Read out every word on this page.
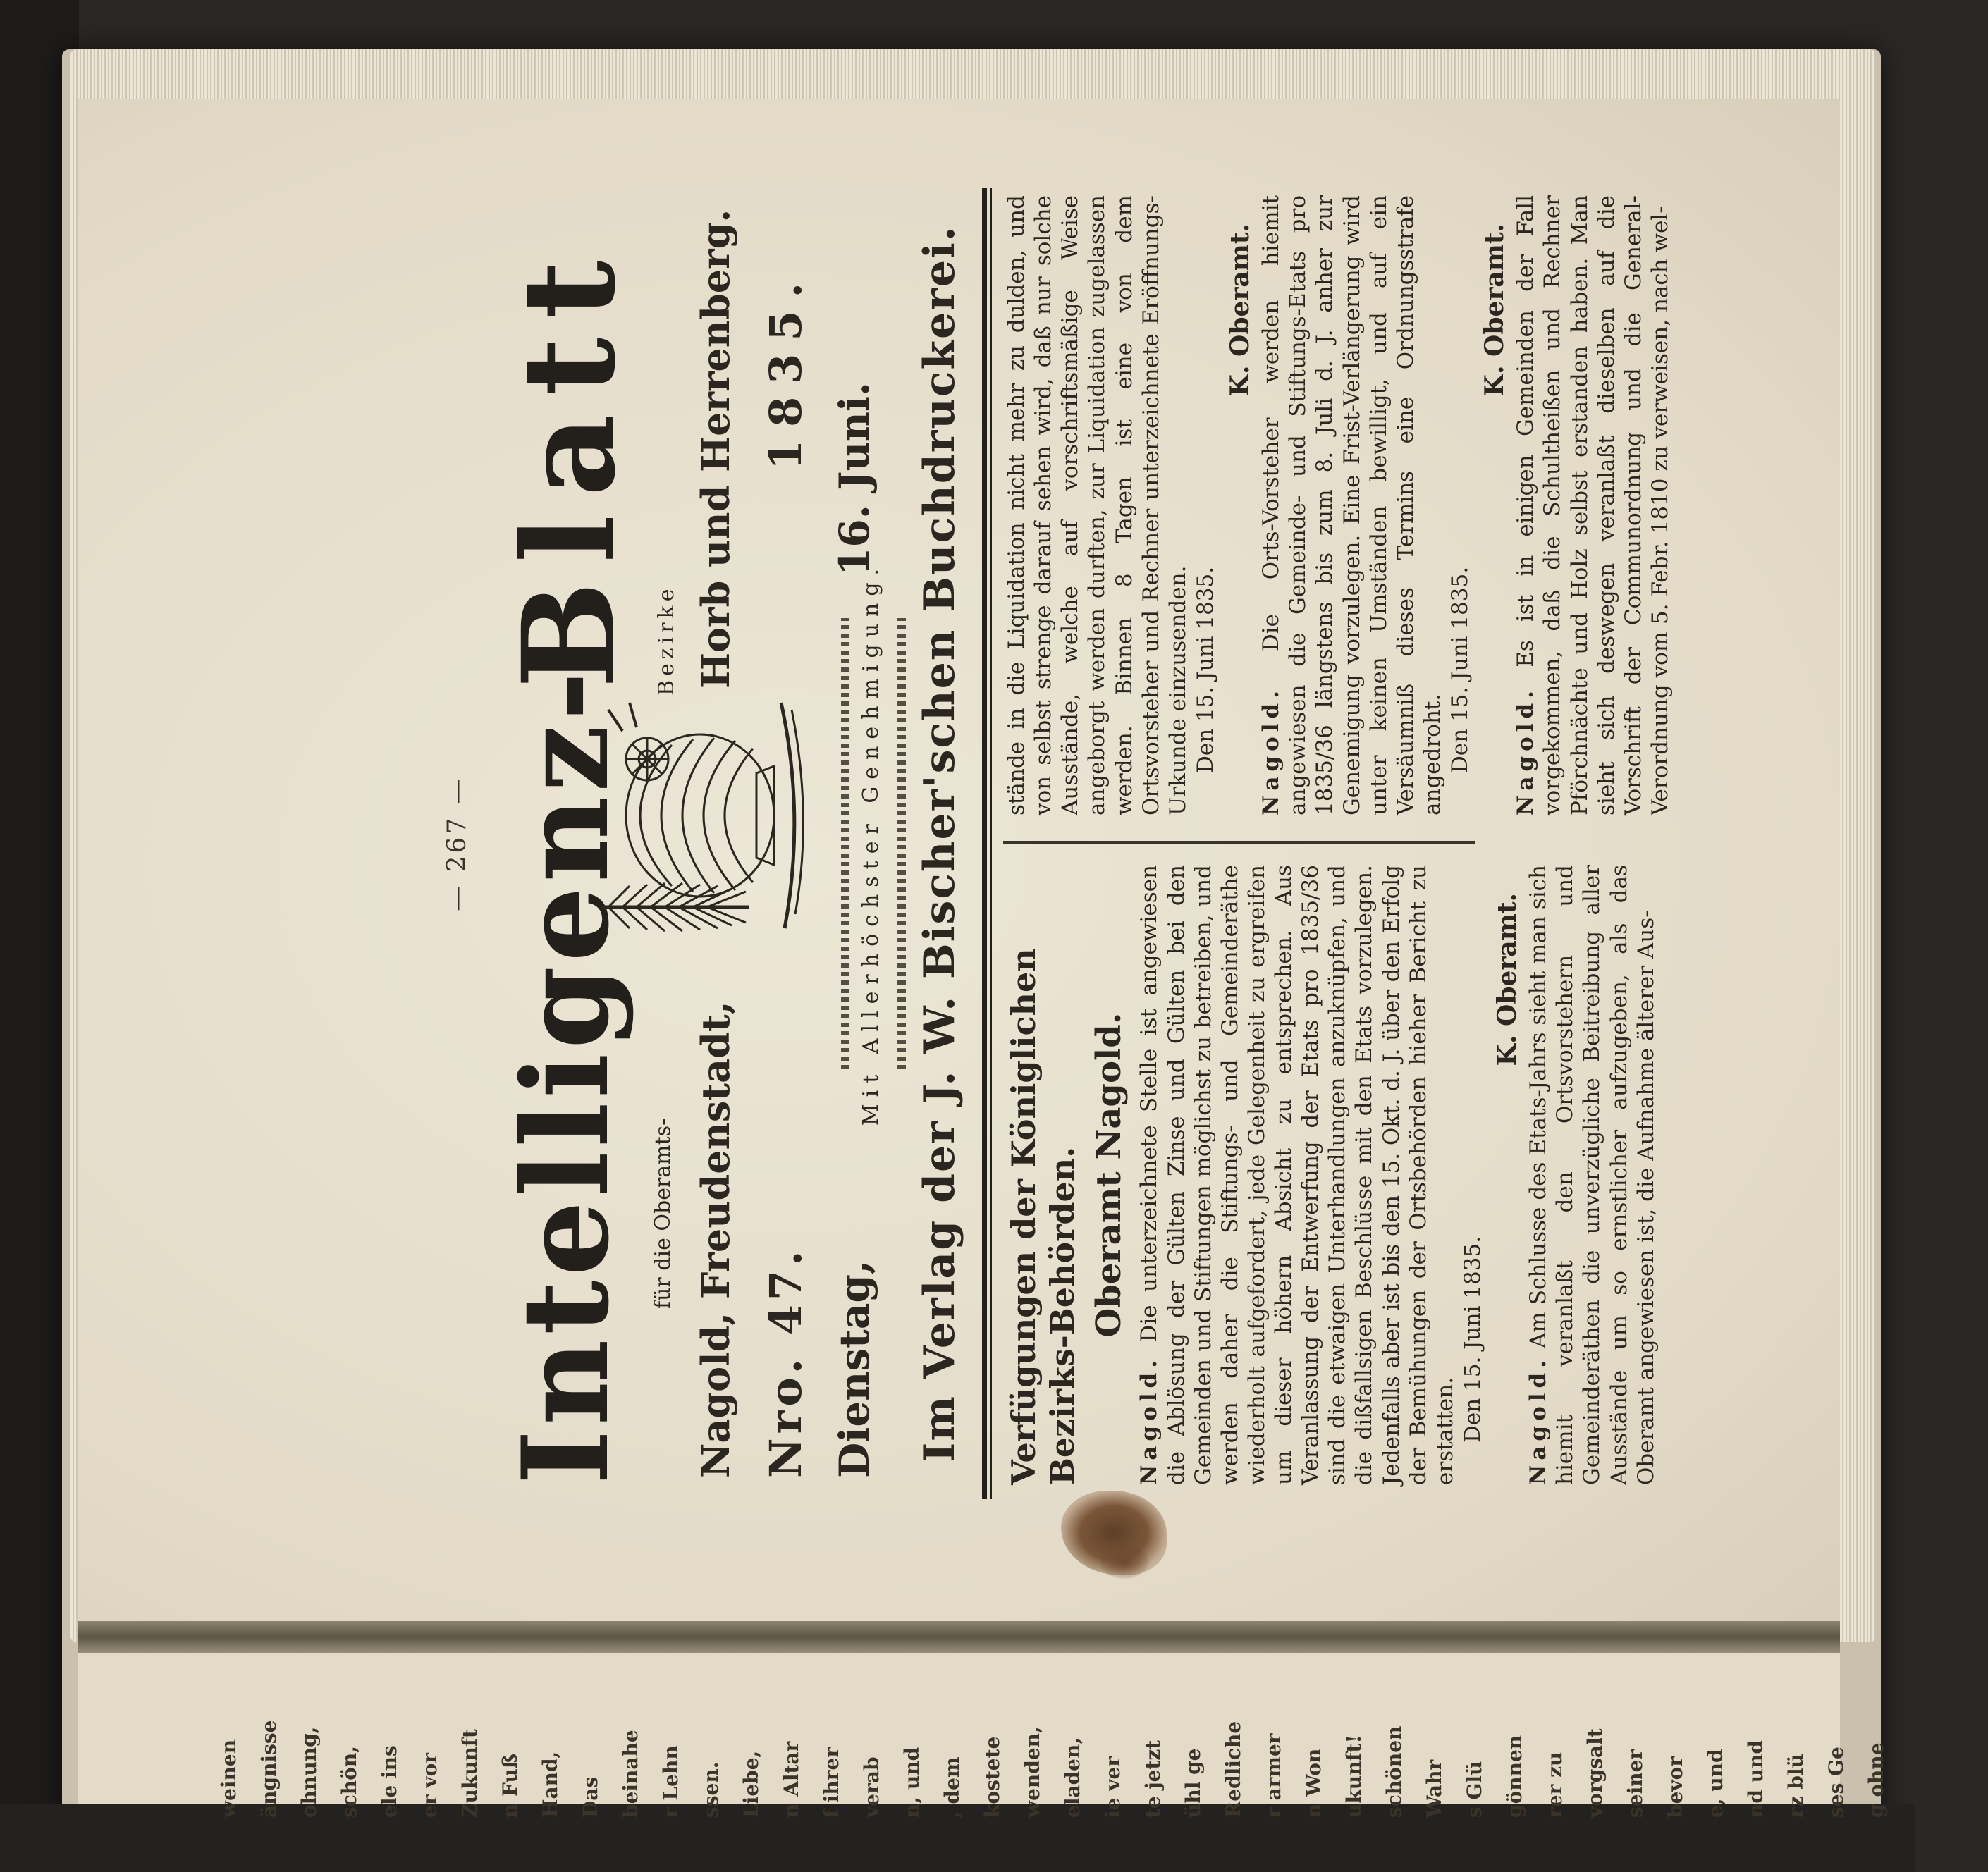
— 267 — Intelligenz- für die Oberamts- Nagold, Freudenstadt, Nro. 47. Dienstag,
Blatt Bezirke Horb und Herrenberg. 1835.
16. Juni.
Mit Allerhöchster Genehmigung. Im Verlag der J. W. Bischer'schen Buchdruckerei. Verfügungen der Königlichen Bezirks-Behörden. Oberamt Nagold.

Nagold. Die unterzeichnete Stelle ist angewiesen die Ablösung der Gülten Zinse und Gülten bei den Gemeinden und Stiftungen möglichst zu betreiben, und werden daher die Stiftungs- und Gemeinderäthe wiederholt aufgefordert, jede Gelegenheit zu ergreifen um dieser höhern Absicht zu entsprechen. Aus Veranlassung der Entwerfung der Etats pro 1835/36 sind die etwaigen Unterhandlungen anzuknüpfen, und die dißfallsigen Beschlüsse mit den Etats vorzulegen. Jedenfalls aber ist bis den 15. Okt. d. J. über den Erfolg der Bemühungen der Ortsbehörden hieher Bericht zu erstatten. Den 15. Juni 1835.
K. Oberamt.

Nagold. Am Schlusse des Etats-Jahrs sieht man sich hiemit veranlaßt den Ortsvorstehern und Gemeinderäthen die unverzügliche Beitreibung aller Ausstände um so ernstlicher aufzugeben, als das Oberamt angewiesen ist, die Aufnahme älterer Aus-

stände in die Liquidation nicht mehr zu dulden, und von selbst strenge darauf sehen wird, daß nur solche Ausstände, welche auf vorschriftsmäßige Weise angeborgt werden durften, zur Liquidation zugelassen werden. Binnen 8 Tagen ist eine von dem Ortsvorsteher und Rechner unterzeichnete Eröffnungs-Urkunde einzusenden. Den 15. Juni 1835.
K. Oberamt.

Nagold. Die Orts-Vorsteher werden hiemit angewiesen die Gemeinde- und Stiftungs-Etats pro 1835/36 längstens bis zum 8. Juli d. J. anher zur Genemigung vorzulegen. Eine Frist-Verlängerung wird unter keinen Umständen bewilligt, und auf ein Versäumniß dieses Termins eine Ordnungsstrafe angedroht. Den 15. Juni 1835.
K. Oberamt.

Nagold. Es ist in einigen Gemeinden der Fall vorgekommen, daß die Schultheißen und Rechner Pförchnächte und Holz selbst erstanden haben. Man sieht sich deswegen veranlaßt dieselben auf die Vorschrift der Communordnung und die General-Verordnung vom 5. Febr. 1810 zu verweisen, nach wel-

g ohne
ses Ge
rz blü
nd und
e, und
bevor
seiner
vorgsalt
rer zu
gönnen
s Glü
Wahr
schönen
ukunft!
n Won
r armer
Redliche
ühl ge
te jetzt
ie ver
eladen,
wenden,
kostete
, dem
n, und
verab
f ihrer
n Altar
Liebe,
ssen.
r Lehn
beinahe
Das
Hand,
n Fuß
Zukunft
er vor
ele ins
schön,
ohnung,
ängnisse
weinen
